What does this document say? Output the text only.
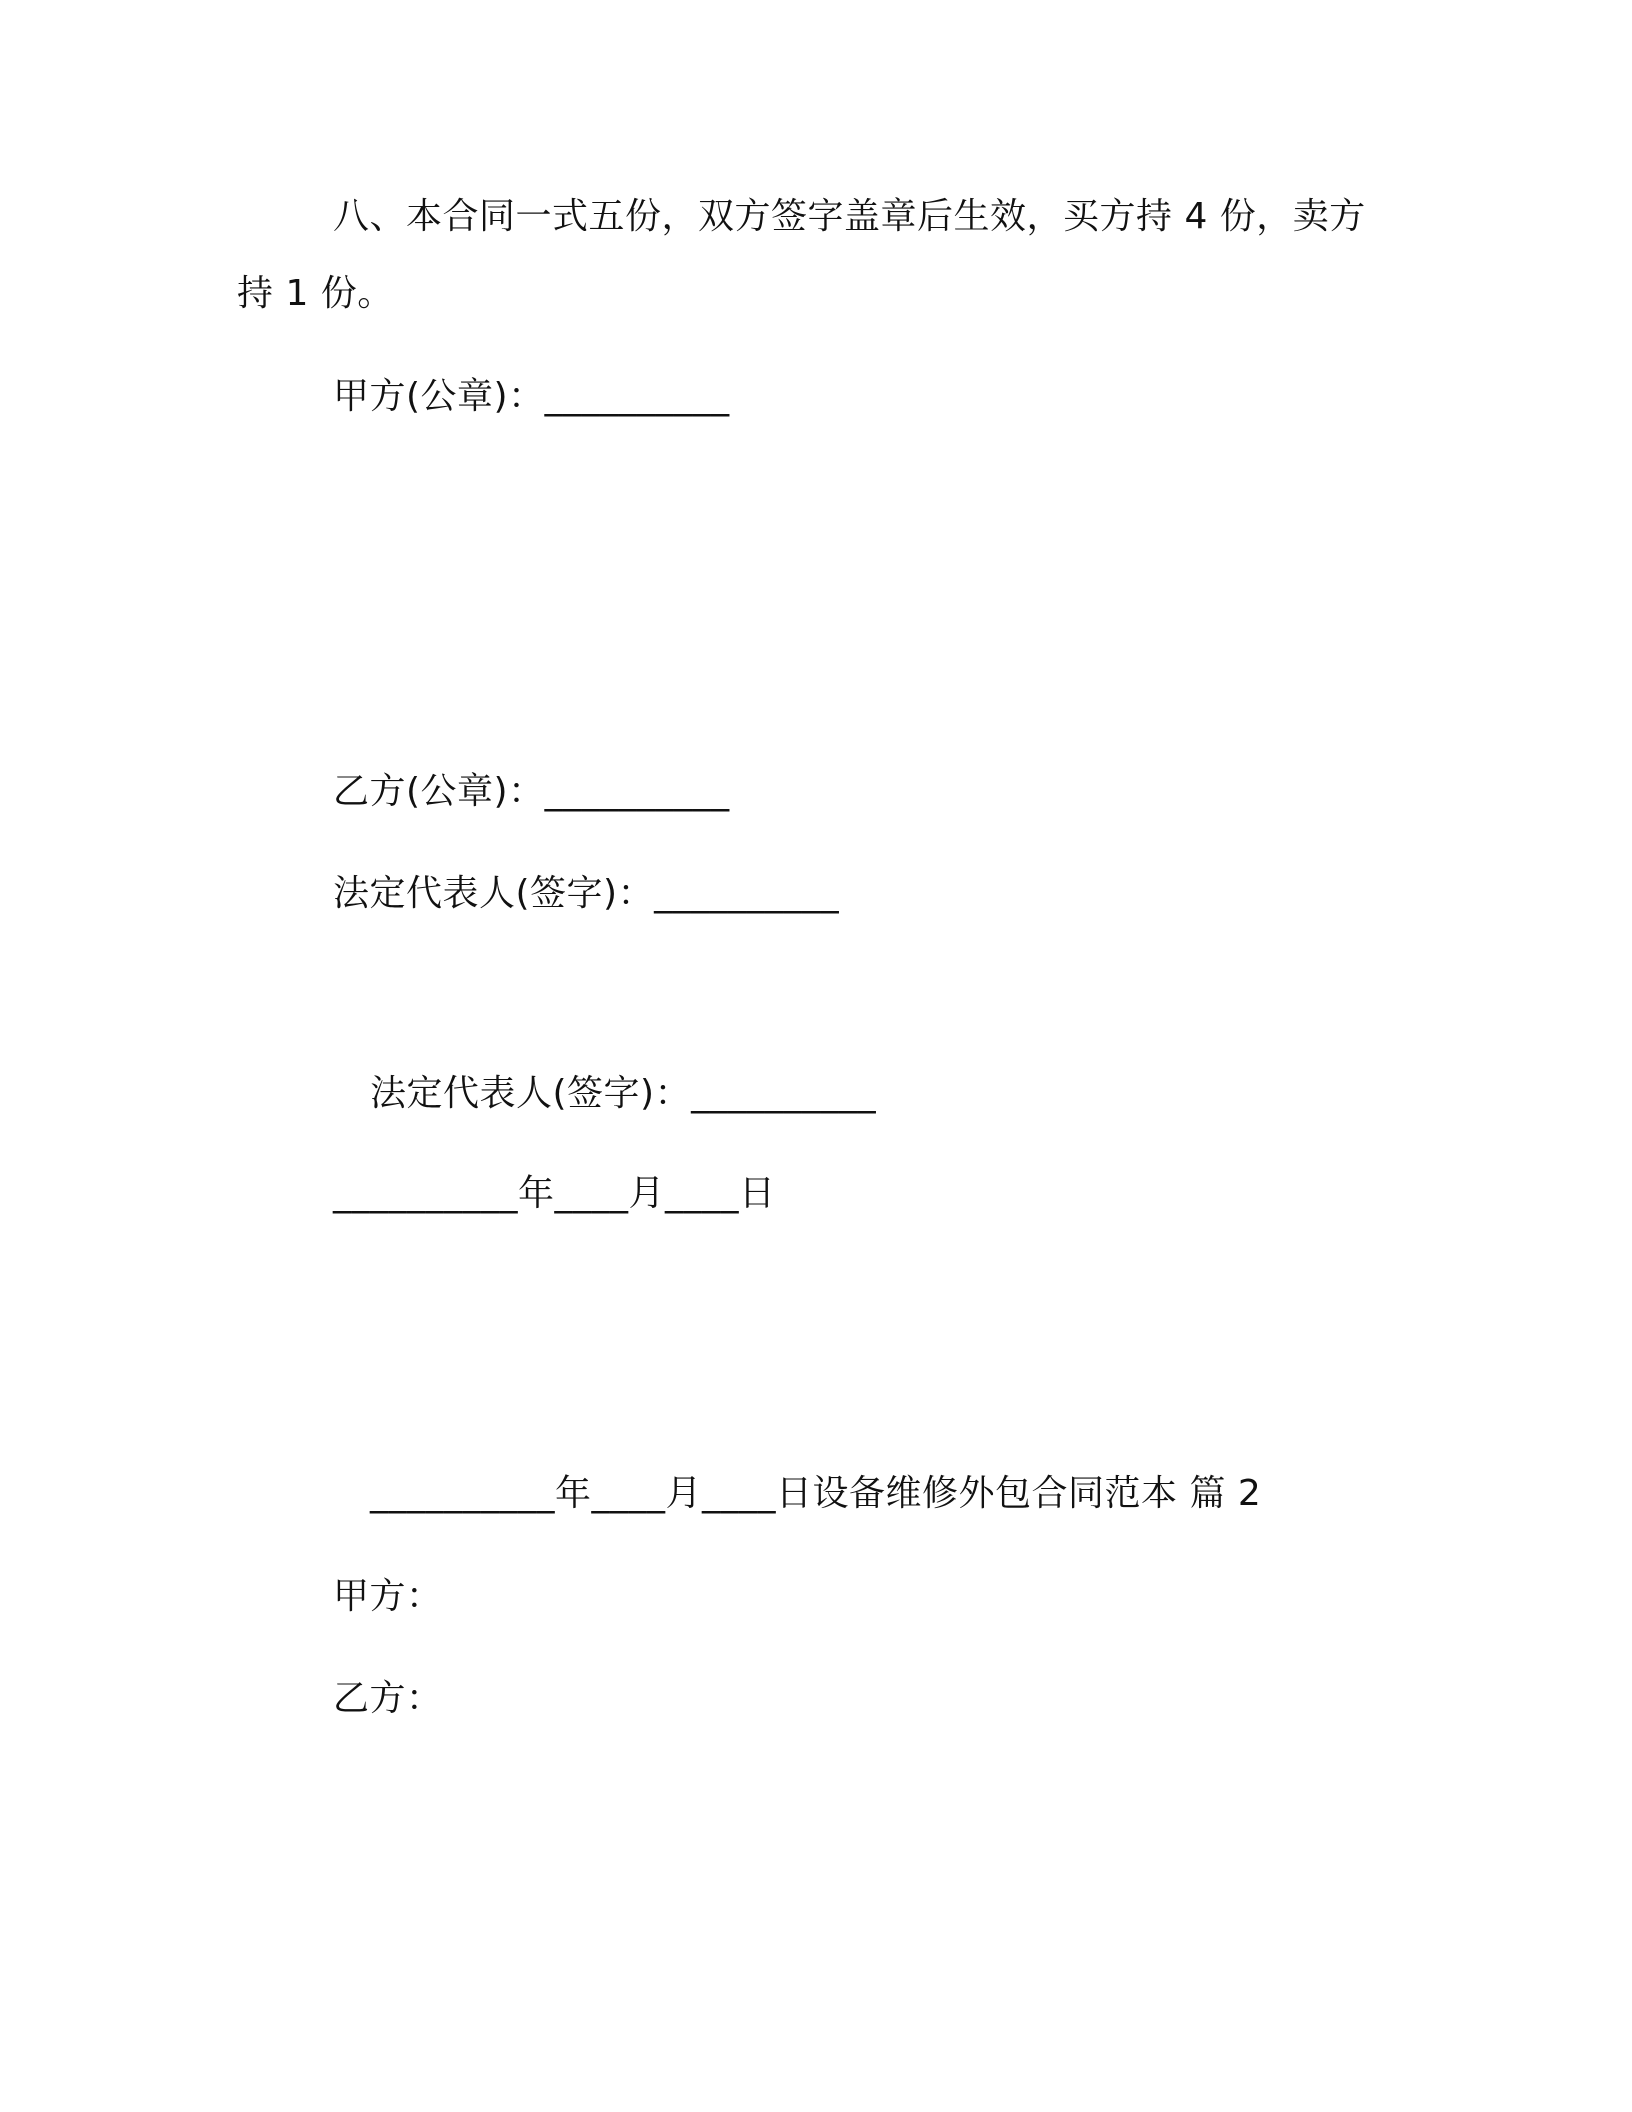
八、本合同一式五份，双方签字盖章后生效，买方持 4 份，卖方
持 1 份。
甲方(公章)：__________
乙方(公章)：__________
法定代表人(签字)：__________
法定代表人(签字)：__________
__________年____月____日
__________年____月____日设备维修外包合同范本 篇 2
甲方：
乙方：
